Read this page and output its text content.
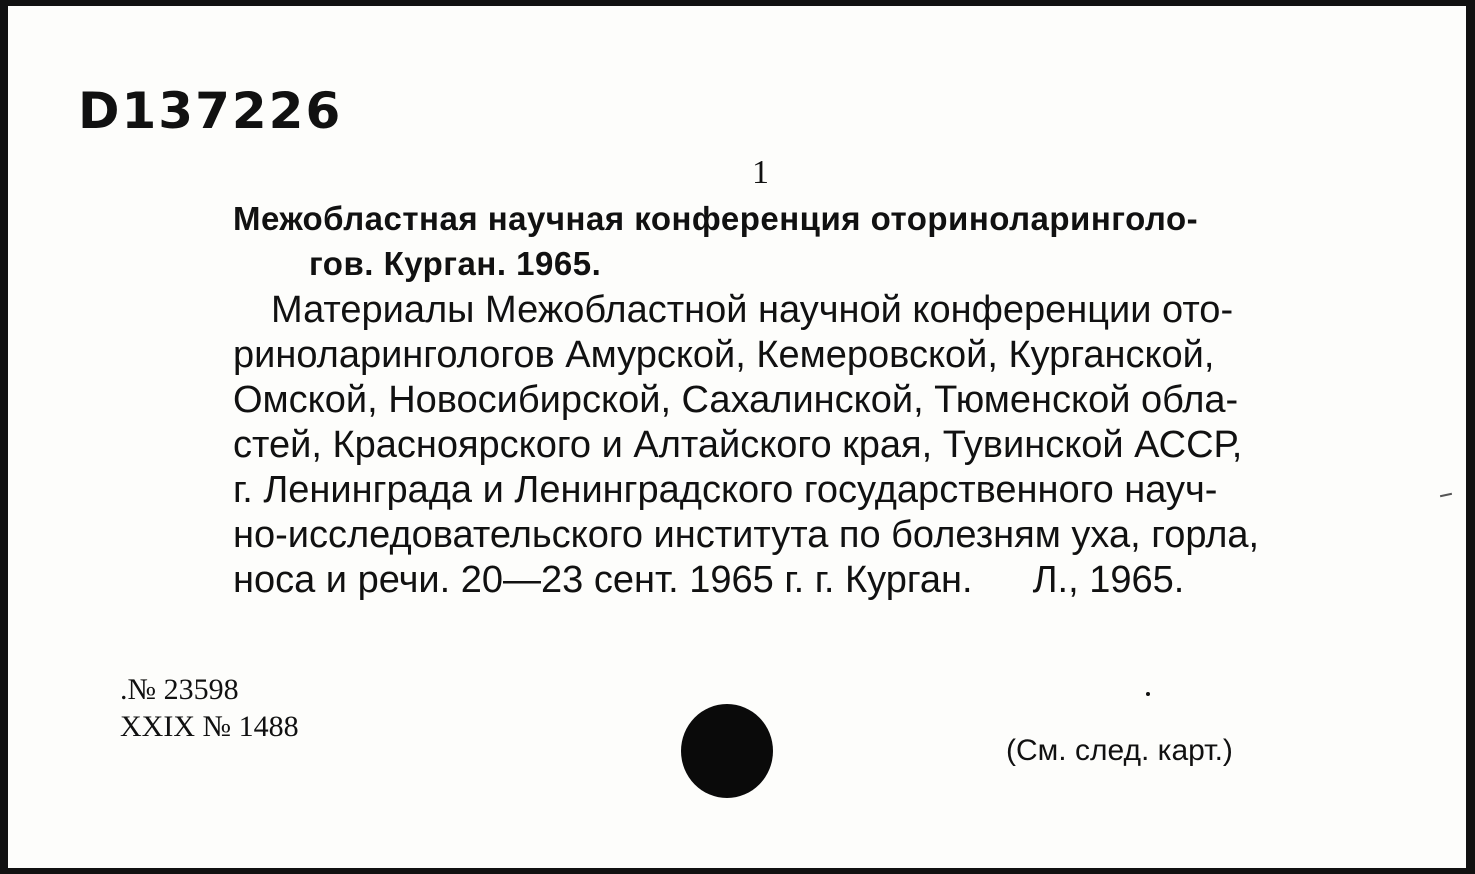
D137226
1
Межобластная научная конференция оториноларинголо-
гов. Курган. 1965.
Материалы Межобластной научной конференции ото-
ринолaрингологов Амурской, Кемеровской, Курганской,
Омской, Новосибирской, Сахалинской, Тюменской обла-
стей, Красноярского и Алтайского края, Тувинской АССР,
г. Ленинграда и Ленинградского государственного науч-
но-исследовательского института по болезням уха, горла,
носа и речи. 20—23 сент. 1965 г. г. Курган. Л., 1965.
.№ 23598
XXIX № 1488
(См. след. карт.)
